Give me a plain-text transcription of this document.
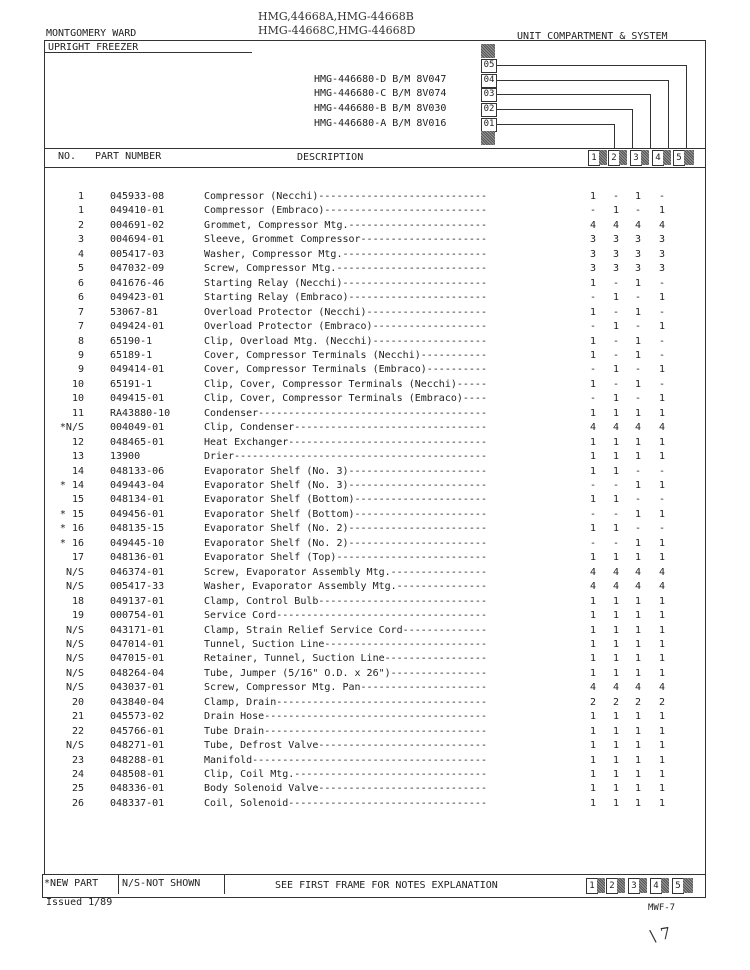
HMG,44668A,HMG-44668B
HMG-44668C,HMG-44668D
MONTGOMERY WARD
UPRIGHT FREEZER
UNIT COMPARTMENT & SYSTEM
HMG-446680-D B/M 8V047
HMG-446680-C B/M 8V074
HMG-446680-B B/M 8V030
HMG-446680-A B/M 8V016
05
04
03
02
01
NO. PART NUMBER	DESCRIPTION	1	2	3	4	5
1	045933-08	Compressor (Necchi)----------------------------	1 - 1 -
1	049410-01	Compressor (Embraco)---------------------------	- 1 - 1
2	004691-02	Grommet, Compressor Mtg.-----------------------	4 4 4 4
3	004694-01	Sleeve, Grommet Compressor---------------------	3 3 3 3
4	005417-03	Washer, Compressor Mtg.------------------------	3 3 3 3
5	047032-09	Screw, Compressor Mtg.-------------------------	3 3 3 3
6	041676-46	Starting Relay (Necchi)------------------------	1 - 1 -
6	049423-01	Starting Relay (Embraco)-----------------------	- 1 - 1
7	53067-81	Overload Protector (Necchi)--------------------	1 - 1 -
7	049424-01	Overload Protector (Embraco)-------------------	- 1 - 1
8	65190-1	Clip, Overload Mtg. (Necchi)-------------------	1 - 1 -
9	65189-1	Cover, Compressor Terminals (Necchi)-----------	1 - 1 -
9	049414-01	Cover, Compressor Terminals (Embraco)----------	- 1 - 1
10	65191-1	Clip, Cover, Compressor Terminals (Necchi)-----	1 - 1 -
10	049415-01	Clip, Cover, Compressor Terminals (Embraco)----	- 1 - 1
11	RA43880-10	Condenser--------------------------------------	1 1 1 1
*N/S	004049-01	Clip, Condenser--------------------------------	4 4 4 4
12	048465-01	Heat Exchanger---------------------------------	1 1 1 1
13	13900	Drier------------------------------------------	1 1 1 1
14	048133-06	Evaporator Shelf (No. 3)-----------------------	1 1 - -
* 14	049443-04	Evaporator Shelf (No. 3)-----------------------	- - 1 1
15	048134-01	Evaporator Shelf (Bottom)----------------------	1 1 - -
* 15	049456-01	Evaporator Shelf (Bottom)----------------------	- - 1 1
* 16	048135-15	Evaporator Shelf (No. 2)-----------------------	1 1 - -
* 16	049445-10	Evaporator Shelf (No. 2)-----------------------	- - 1 1
17	048136-01	Evaporator Shelf (Top)-------------------------	1 1 1 1
N/S	046374-01	Screw, Evaporator Assembly Mtg.----------------	4 4 4 4
N/S	005417-33	Washer, Evaporator Assembly Mtg.---------------	4 4 4 4
18	049137-01	Clamp, Control Bulb----------------------------	1 1 1 1
19	000754-01	Service Cord-----------------------------------	1 1 1 1
N/S	043171-01	Clamp, Strain Relief Service Cord--------------	1 1 1 1
N/S	047014-01	Tunnel, Suction Line---------------------------	1 1 1 1
N/S	047015-01	Retainer, Tunnel, Suction Line-----------------	1 1 1 1
N/S	048264-04	Tube, Jumper (5/16" O.D. x 26")----------------	1 1 1 1
N/S	043037-01	Screw, Compressor Mtg. Pan---------------------	4 4 4 4
20	043840-04	Clamp, Drain-----------------------------------	2 2 2 2
21	045573-02	Drain Hose-------------------------------------	1 1 1 1
22	045766-01	Tube Drain-------------------------------------	1 1 1 1
N/S	048271-01	Tube, Defrost Valve----------------------------	1 1 1 1
23	048288-01	Manifold---------------------------------------	1 1 1 1
24	048508-01	Clip, Coil Mtg.--------------------------------	1 1 1 1
25	048336-01	Body Solenoid Valve----------------------------	1 1 1 1
26	048337-01	Coil, Solenoid---------------------------------	1 1 1 1
*NEW PART	N/S-NOT SHOWN	SEE FIRST FRAME FOR NOTES EXPLANATION	1	2	3	4	5
Issued 1/89	MWF-7
\ 7
